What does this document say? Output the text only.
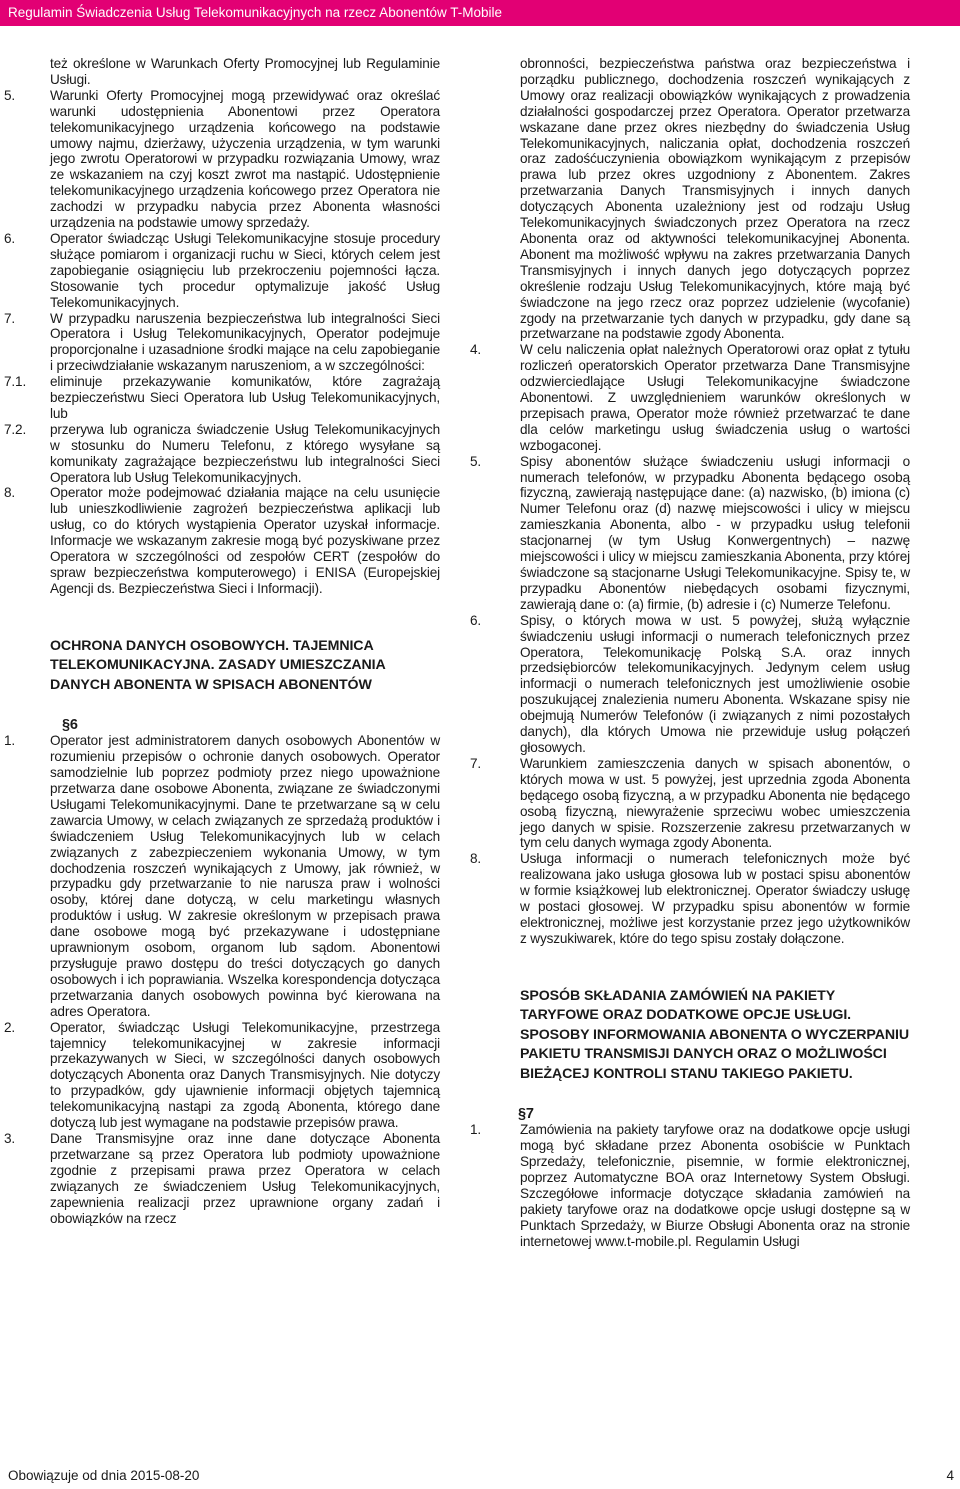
Regulamin Świadczenia Usług Telekomunikacyjnych na rzecz Abonentów T-Mobile

też określone w Warunkach Oferty Promocyjnej lub Regulaminie Usługi.

5.	Warunki Oferty Promocyjnej mogą przewidywać oraz określać warunki udostępnienia Abonentowi przez Operatora telekomunikacyjnego urządzenia końcowego na podstawie umowy najmu, dzierżawy, użyczenia urządzenia, w tym warunki jego zwrotu Operatorowi w przypadku rozwiązania Umowy, wraz ze wskazaniem na czyj koszt zwrot ma nastąpić. Udostępnienie telekomunikacyjnego urządzenia końcowego przez Operatora nie zachodzi w przypadku nabycia przez Abonenta własności urządzenia na podstawie umowy sprzedaży.

6.	Operator świadcząc Usługi Telekomunikacyjne stosuje procedury służące pomiarom i organizacji ruchu w Sieci, których celem jest zapobieganie osiągnięciu lub przekroczeniu pojemności łącza. Stosowanie tych procedur optymalizuje jakość Usług Telekomunikacyjnych.

7.	W przypadku naruszenia bezpieczeństwa lub integralności Sieci Operatora i Usług Telekomunikacyjnych, Operator podejmuje proporcjonalne i uzasadnione środki mające na celu zapobieganie i przeciwdziałanie wskazanym naruszeniom, a w szczególności:

7.1. eliminuje przekazywanie komunikatów, które zagrażają bezpieczeństwu Sieci Operatora lub Usług Telekomunikacyjnych, lub

7.2. przerywa lub ogranicza świadczenie Usług Telekomunikacyjnych w stosunku do Numeru Telefonu, z którego wysyłane są komunikaty zagrażające bezpieczeństwu lub integralności Sieci Operatora lub Usług Telekomunikacyjnych.

8.	Operator może podejmować działania mające na celu usunięcie lub unieszkodliwienie zagrożeń bezpieczeństwa aplikacji lub usług, co do których wystąpienia Operator uzyskał informacje. Informacje we wskazanym zakresie mogą być pozyskiwane przez Operatora w szczególności od zespołów CERT (zespołów do spraw bezpieczeństwa komputerowego) i ENISA (Europejskiej Agencji ds. Bezpieczeństwa Sieci i Informacji).

OCHRONA DANYCH OSOBOWYCH. TAJEMNICA TELEKOMUNIKACYJNA. ZASADY UMIESZCZANIA DANYCH ABONENTA W SPISACH ABONENTÓW
§6

1.	Operator jest administratorem danych osobowych Abonentów w rozumieniu przepisów o ochronie danych osobowych. Operator samodzielnie lub poprzez podmioty przez niego upoważnione przetwarza dane osobowe Abonenta, związane ze świadczonymi Usługami Telekomunikacyjnymi. Dane te przetwarzane są w celu zawarcia Umowy, w celach związanych ze sprzedażą produktów i świadczeniem Usług Telekomunikacyjnych lub w celach związanych z zabezpieczeniem wykonania Umowy, w tym dochodzenia roszczeń wynikających z Umowy, jak również, w przypadku gdy przetwarzanie to nie narusza praw i wolności osoby, której dane dotyczą, w celu marketingu własnych produktów i usług. W zakresie określonym w przepisach prawa dane osobowe mogą być przekazywane i udostępniane uprawnionym osobom, organom lub sądom. Abonentowi przysługuje prawo dostępu do treści dotyczących go danych osobowych i ich poprawiania. Wszelka korespondencja dotycząca przetwarzania danych osobowych powinna być kierowana na adres Operatora.

2.	Operator, świadcząc Usługi Telekomunikacyjne, przestrzega tajemnicy telekomunikacyjnej w zakresie informacji przekazywanych w Sieci, w szczególności danych osobowych dotyczących Abonenta oraz Danych Transmisyjnych. Nie dotyczy to przypadków, gdy ujawnienie informacji objętych tajemnicą telekomunikacyjną nastąpi za zgodą Abonenta, którego dane dotyczą lub jest wymagane na podstawie przepisów prawa.

3.	Dane Transmisyjne oraz inne dane dotyczące Abonenta przetwarzane są przez Operatora lub podmioty upoważnione zgodnie z przepisami prawa przez Operatora w celach związanych ze świadczeniem Usług Telekomunikacyjnych, zapewnienia realizacji przez uprawnione organy zadań i obowiązków na rzecz

obronności, bezpieczeństwa państwa oraz bezpieczeństwa i porządku publicznego, dochodzenia roszczeń wynikających z Umowy oraz realizacji obowiązków wynikających z prowadzenia działalności gospodarczej przez Operatora. Operator przetwarza wskazane dane przez okres niezbędny do świadczenia Usług Telekomunikacyjnych, naliczania opłat, dochodzenia roszczeń oraz zadośćuczynienia obowiązkom wynikającym z przepisów prawa lub przez okres uzgodniony z Abonentem. Zakres przetwarzania Danych Transmisyjnych i innych danych dotyczących Abonenta uzależniony jest od rodzaju Usług Telekomunikacyjnych świadczonych przez Operatora na rzecz Abonenta oraz od aktywności telekomunikacyjnej Abonenta. Abonent ma możliwość wpływu na zakres przetwarzania Danych Transmisyjnych i innych danych jego dotyczących poprzez określenie rodzaju Usług Telekomunikacyjnych, które mają być świadczone na jego rzecz oraz poprzez udzielenie (wycofanie) zgody na przetwarzanie tych danych w przypadku, gdy dane są przetwarzane na podstawie zgody Abonenta.

4.	W celu naliczenia opłat należnych Operatorowi oraz opłat z tytułu rozliczeń operatorskich Operator przetwarza Dane Transmisyjne odzwierciedlające Usługi Telekomunikacyjne świadczone Abonentowi. Z uwzględnieniem warunków określonych w przepisach prawa, Operator może również przetwarzać te dane dla celów marketingu usług świadczenia usług o wartości wzbogaconej.

5.	Spisy abonentów służące świadczeniu usługi informacji o numerach telefonów, w przypadku Abonenta będącego osobą fizyczną, zawierają następujące dane: (a) nazwisko, (b) imiona (c) Numer Telefonu oraz (d) nazwę miejscowości i ulicy w miejscu zamieszkania Abonenta, albo - w przypadku usług telefonii stacjonarnej (w tym Usług Konwergentnych) – nazwę miejscowości i ulicy w miejscu zamieszkania Abonenta, przy której świadczone są stacjonarne Usługi Telekomunikacyjne. Spisy te, w przypadku Abonentów niebędących osobami fizycznymi, zawierają dane o: (a) firmie, (b) adresie i (c) Numerze Telefonu.

6.	Spisy, o których mowa w ust. 5 powyżej, służą wyłącznie świadczeniu usługi informacji o numerach telefonicznych przez Operatora, Telekomunikację Polską S.A. oraz innych przedsiębiorców telekomunikacyjnych. Jedynym celem usług informacji o numerach telefonicznych jest umożliwienie osobie poszukującej znalezienia numeru Abonenta. Wskazane spisy nie obejmują Numerów Telefonów (i związanych z nimi pozostałych danych), dla których Umowa nie przewiduje usług połączeń głosowych.

7.	Warunkiem zamieszczenia danych w spisach abonentów, o których mowa w ust. 5 powyżej, jest uprzednia zgoda Abonenta będącego osobą fizyczną, a w przypadku Abonenta nie będącego osobą fizyczną, niewyrażenie sprzeciwu wobec umieszczenia jego danych w spisie. Rozszerzenie zakresu przetwarzanych w tym celu danych wymaga zgody Abonenta.

8.	Usługa informacji o numerach telefonicznych może być realizowana jako usługa głosowa lub w postaci spisu abonentów w formie książkowej lub elektronicznej. Operator świadczy usługę w postaci głosowej. W przypadku spisu abonentów w formie elektronicznej, możliwe jest korzystanie przez jego użytkowników z wyszukiwarek, które do tego spisu zostały dołączone.

SPOSÓB SKŁADANIA ZAMÓWIEŃ NA PAKIETY TARYFOWE ORAZ DODATKOWE OPCJE USŁUGI. SPOSOBY INFORMOWANIA ABONENTA O WYCZERPANIU PAKIETU TRANSMISJI DANYCH ORAZ O MOŻLIWOŚCI BIEŻĄCEJ KONTROLI STANU TAKIEGO PAKIETU.
§7

1.	Zamówienia na pakiety taryfowe oraz na dodatkowe opcje usługi mogą być składane przez Abonenta osobiście w Punktach Sprzedaży, telefonicznie, pisemnie, w formie elektronicznej, poprzez Automatyczne BOA oraz Internetowy System Obsługi. Szczegółowe informacje dotyczące składania zamówień na pakiety taryfowe oraz na dodatkowe opcje usługi dostępne są w Punktach Sprzedaży, w Biurze Obsługi Abonenta oraz na stronie internetowej www.t-mobile.pl. Regulamin Usługi

Obowiązuje od dnia 2015-08-20	4
